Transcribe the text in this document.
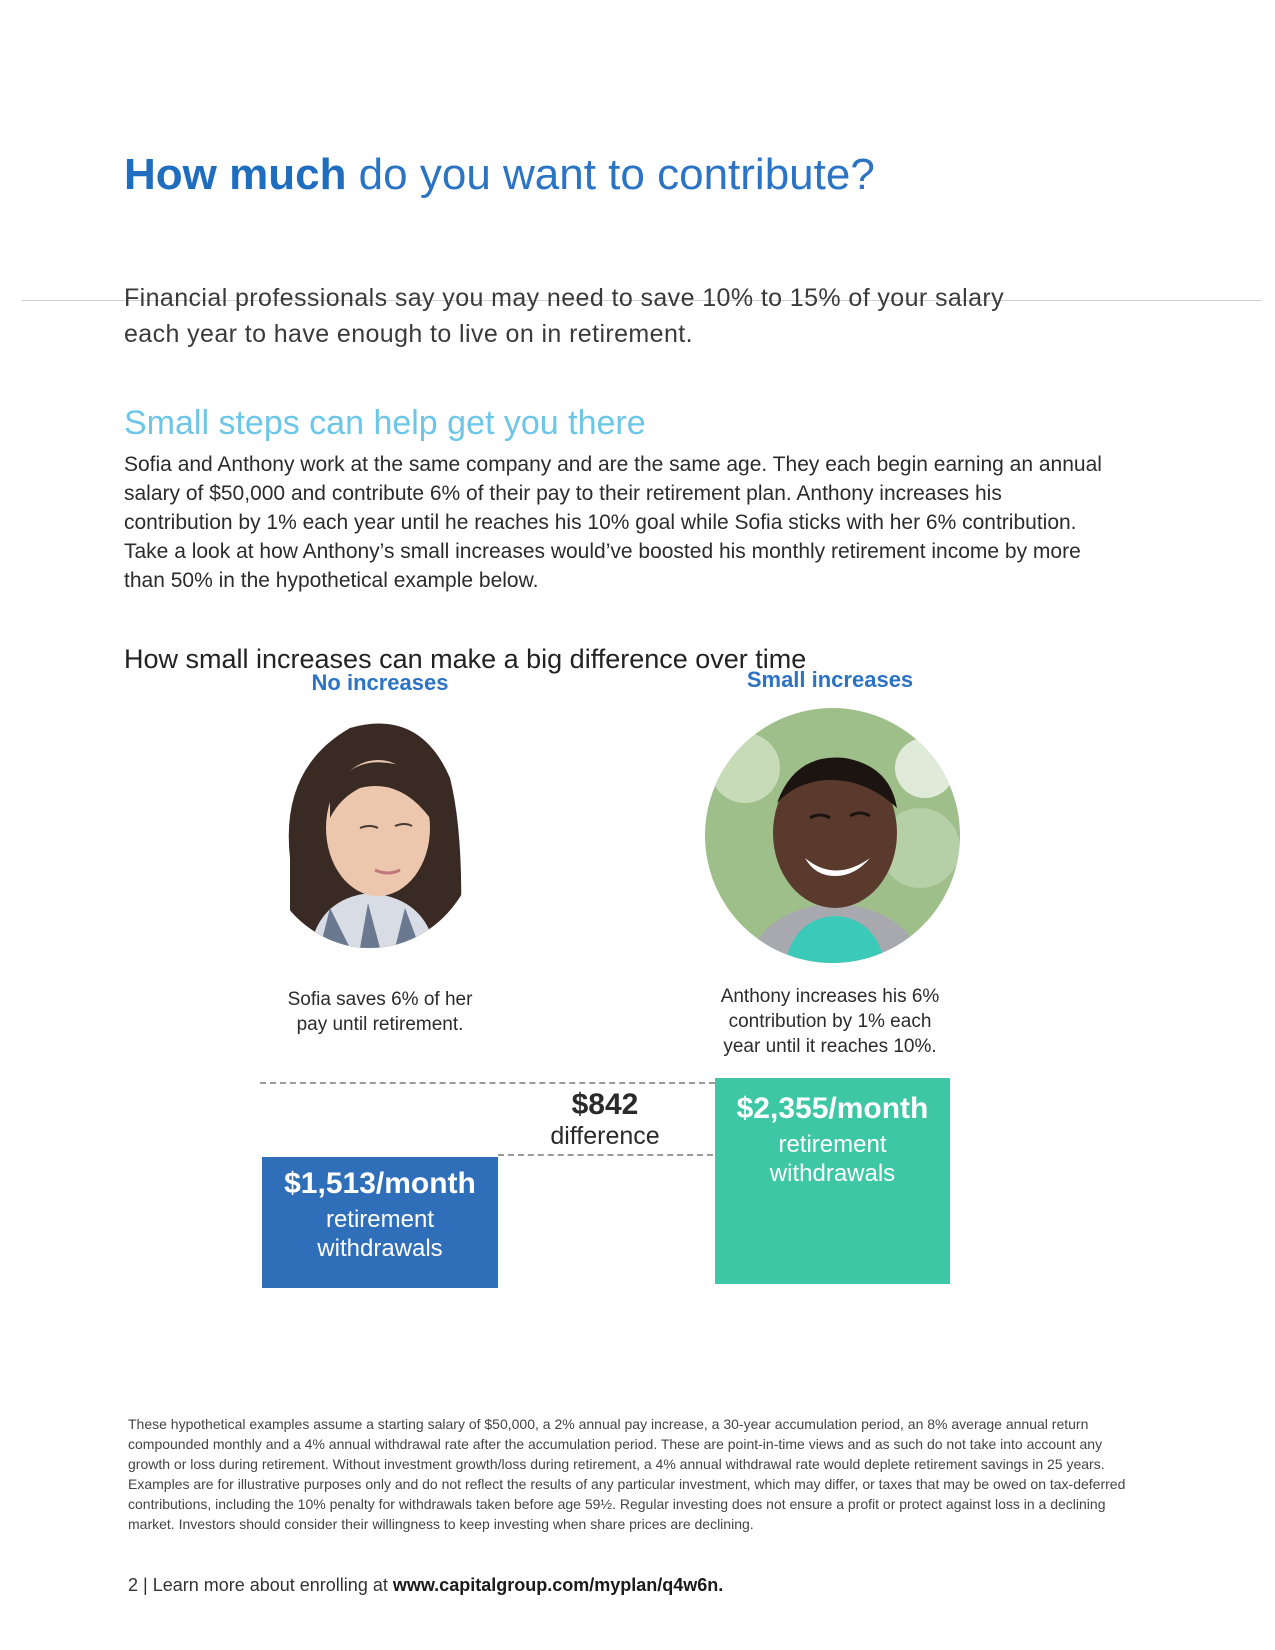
How much do you want to contribute?
Financial professionals say you may need to save 10% to 15% of your salary each year to have enough to live on in retirement.
Small steps can help get you there
Sofia and Anthony work at the same company and are the same age. They each begin earning an annual salary of $50,000 and contribute 6% of their pay to their retirement plan. Anthony increases his contribution by 1% each year until he reaches his 10% goal while Sofia sticks with her 6% contribution. Take a look at how Anthony’s small increases would’ve boosted his monthly retirement income by more than 50% in the hypothetical example below.
How small increases can make a big difference over time
No increases	Small increases
Sofia saves 6% of her
pay until retirement.
Anthony increases his 6%
contribution by 1% each
year until it reaches 10%.
$842
difference
$1,513/month
retirement
withdrawals
$2,355/month
retirement
withdrawals
These hypothetical examples assume a starting salary of $50,000, a 2% annual pay increase, a 30-year accumulation period, an 8% average annual return compounded monthly and a 4% annual withdrawal rate after the accumulation period. These are point-in-time views and as such do not take into account any growth or loss during retirement. Without investment growth/loss during retirement, a 4% annual withdrawal rate would deplete retirement savings in 25 years. Examples are for illustrative purposes only and do not reflect the results of any particular investment, which may differ, or taxes that may be owed on tax-deferred contributions, including the 10% penalty for withdrawals taken before age 59½. Regular investing does not ensure a profit or protect against loss in a declining market. Investors should consider their willingness to keep investing when share prices are declining.
2 | Learn more about enrolling at www.capitalgroup.com/myplan/q4w6n.
